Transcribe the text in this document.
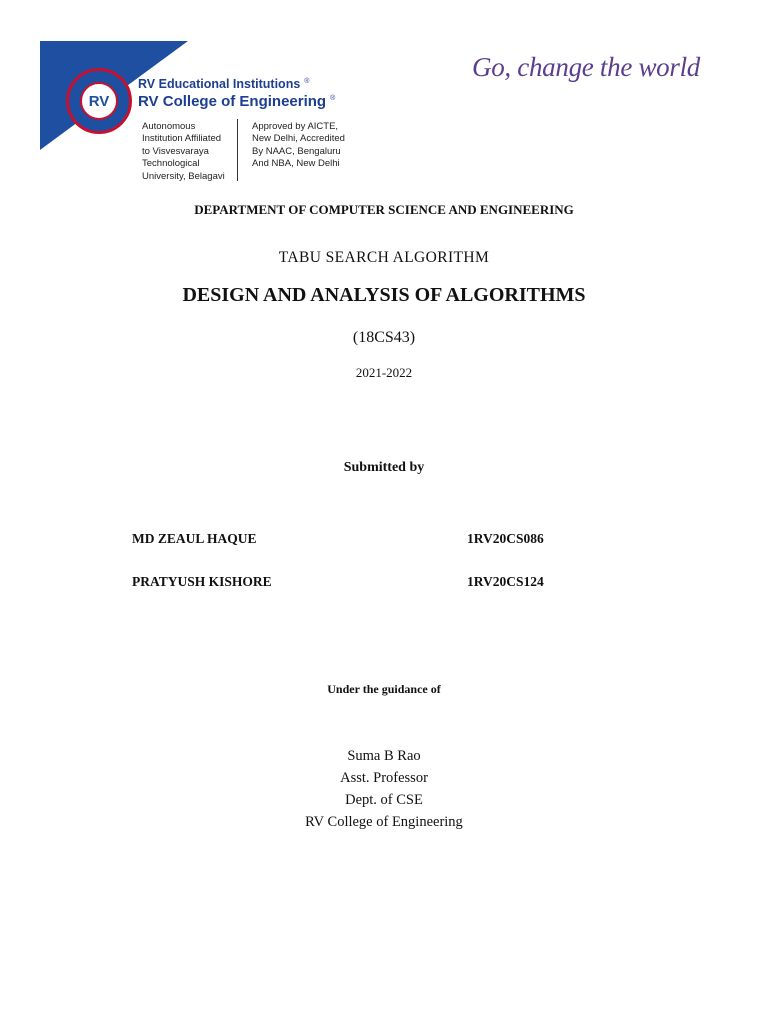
RV
RV Educational Institutions ®
RV College of Engineering ®
Autonomous
Institution Affiliated
to Visvesvaraya
Technological
University, Belagavi
Approved by AICTE,
New Delhi, Accredited
By NAAC, Bengaluru
And NBA, New Delhi
Go, change the world
DEPARTMENT OF COMPUTER SCIENCE AND ENGINEERING
TABU SEARCH ALGORITHM
DESIGN AND ANALYSIS OF ALGORITHMS
(18CS43)
2021-2022
Submitted by
MD ZEAUL HAQUE	1RV20CS086
PRATYUSH KISHORE	1RV20CS124
Under the guidance of
Suma B Rao
Asst. Professor
Dept. of CSE
RV College of Engineering
